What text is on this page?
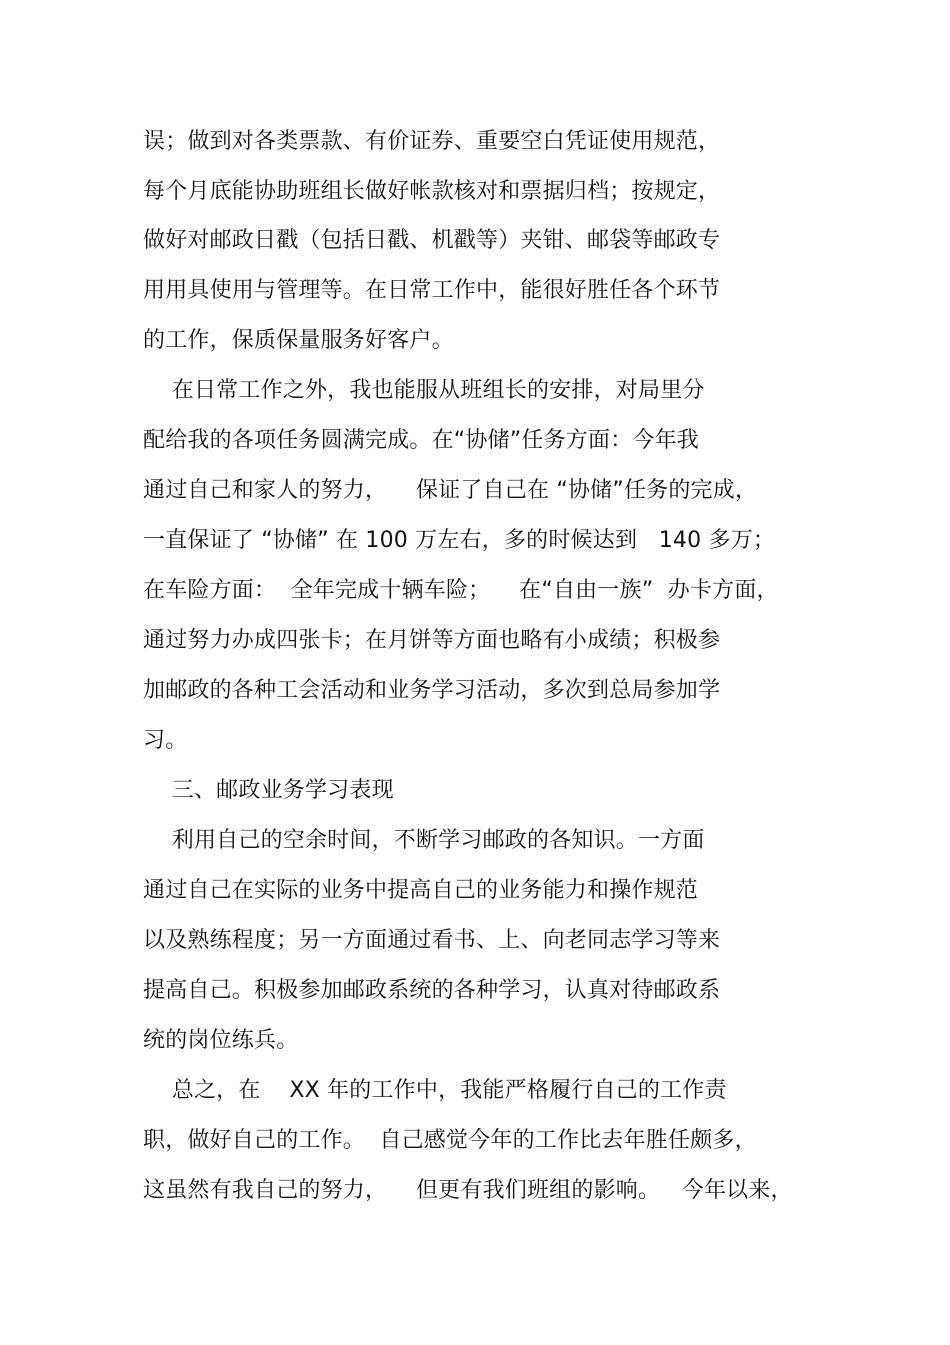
误；做到对各类票款、有价证券、重要空白凭证使用规范，
每个月底能协助班组长做好帐款核对和票据归档；按规定，
做好对邮政日戳（包括日戳、机戳等）夹钳、邮袋等邮政专
用用具使用与管理等。在日常工作中，能很好胜任各个环节
的工作，保质保量服务好客户。
在日常工作之外，我也能服从班组长的安排，对局里分
配给我的各项任务圆满完成。在“协储”任务方面：今年我
通过自己和家人的努力，    保证了自己在 “协储”任务的完成，
一直保证了 “协储” 在 100 万左右，多的时候达到   140 多万；
在车险方面：  全年完成十辆车险；    在“自由一族”  办卡方面，
通过努力办成四张卡；在月饼等方面也略有小成绩；积极参
加邮政的各种工会活动和业务学习活动，多次到总局参加学
习。
三、邮政业务学习表现
利用自己的空余时间，不断学习邮政的各知识。一方面
通过自己在实际的业务中提高自己的业务能力和操作规范
以及熟练程度；另一方面通过看书、上、向老同志学习等来
提高自己。积极参加邮政系统的各种学习，认真对待邮政系
统的岗位练兵。
总之，在    XX 年的工作中，我能严格履行自己的工作责
职，做好自己的工作。  自己感觉今年的工作比去年胜任颇多，
这虽然有我自己的努力，    但更有我们班组的影响。   今年以来，
